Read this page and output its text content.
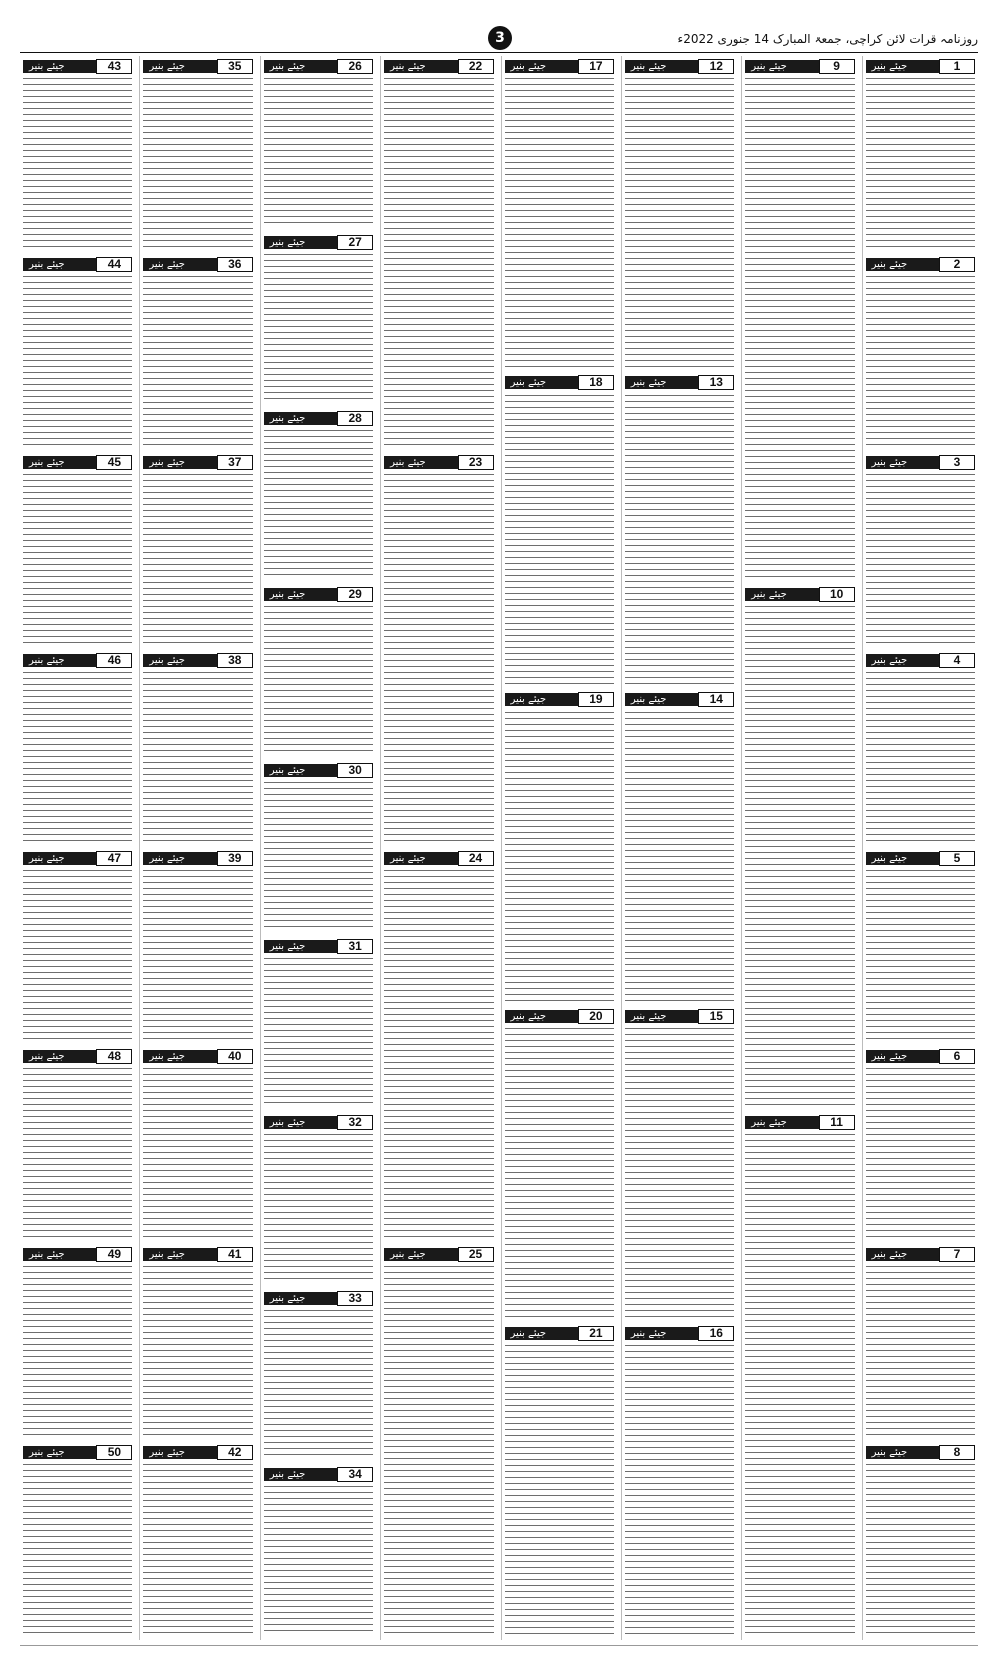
3	روزنامہ قرات لائن کراچی، جمعۃ المبارک 14 جنوری 2022ء
1
جیئے بنیر
2
جیئے بنیر
3
جیئے بنیر
4
جیئے بنیر
5
جیئے بنیر
6
جیئے بنیر
7
جیئے بنیر
8
جیئے بنیر
9
جیئے بنیر
10
جیئے بنیر
11
جیئے بنیر
12
جیئے بنیر
13
جیئے بنیر
14
جیئے بنیر
15
جیئے بنیر
16
جیئے بنیر
17
جیئے بنیر
18
جیئے بنیر
19
جیئے بنیر
20
جیئے بنیر
21
جیئے بنیر
22
جیئے بنیر
23
جیئے بنیر
24
جیئے بنیر
25
جیئے بنیر
26
جیئے بنیر
27
جیئے بنیر
28
جیئے بنیر
29
جیئے بنیر
30
جیئے بنیر
31
جیئے بنیر
32
جیئے بنیر
33
جیئے بنیر
34
جیئے بنیر
35
جیئے بنیر
36
جیئے بنیر
37
جیئے بنیر
38
جیئے بنیر
39
جیئے بنیر
40
جیئے بنیر
41
جیئے بنیر
42
جیئے بنیر
43
جیئے بنیر
44
جیئے بنیر
45
جیئے بنیر
46
جیئے بنیر
47
جیئے بنیر
48
جیئے بنیر
49
جیئے بنیر
50
جیئے بنیر
